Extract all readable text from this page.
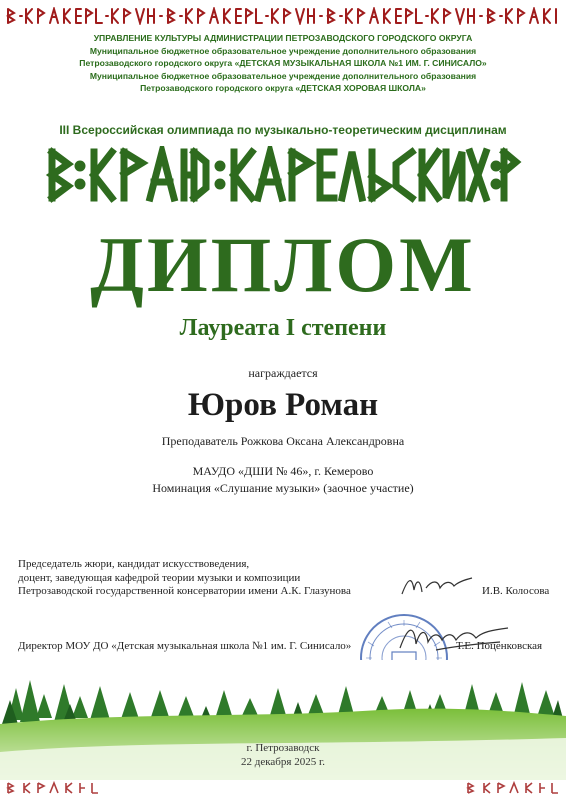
УПРАВЛЕНИЕ КУЛЬТУРЫ АДМИНИСТРАЦИИ ПЕТРОЗАВОДСКОГО ГОРОДСКОГО ОКРУГА
Муниципальное бюджетное образовательное учреждение дополнительного образования
Петрозаводского городского округа «ДЕТСКАЯ МУЗЫКАЛЬНАЯ ШКОЛА №1 ИМ. Г. СИНИСАЛО»
Муниципальное бюджетное образовательное учреждение дополнительного образования
Петрозаводского городского округа «ДЕТСКАЯ ХОРОВАЯ ШКОЛА»
III Всероссийская олимпиада по музыкально-теоретическим дисциплинам
ДИПЛОМ
Лауреата I степени
награждается
Юров Роман
Преподаватель Рожкова Оксана Александровна
МАУДО «ДШИ № 46», г. Кемерово
Номинация «Слушание музыки» (заочное участие)
Председатель жюри, кандидат искусствоведения,
доцент, заведующая кафедрой теории музыки и композиции
Петрозаводской государственной консерватории имени А.К. Глазунова	И.В. Колосова
Директор МОУ ДО «Детская музыкальная школа №1 им. Г. Синисало»	Т.Е. Поценковская
г. Петрозаводск
22 декабря 2025 г.
